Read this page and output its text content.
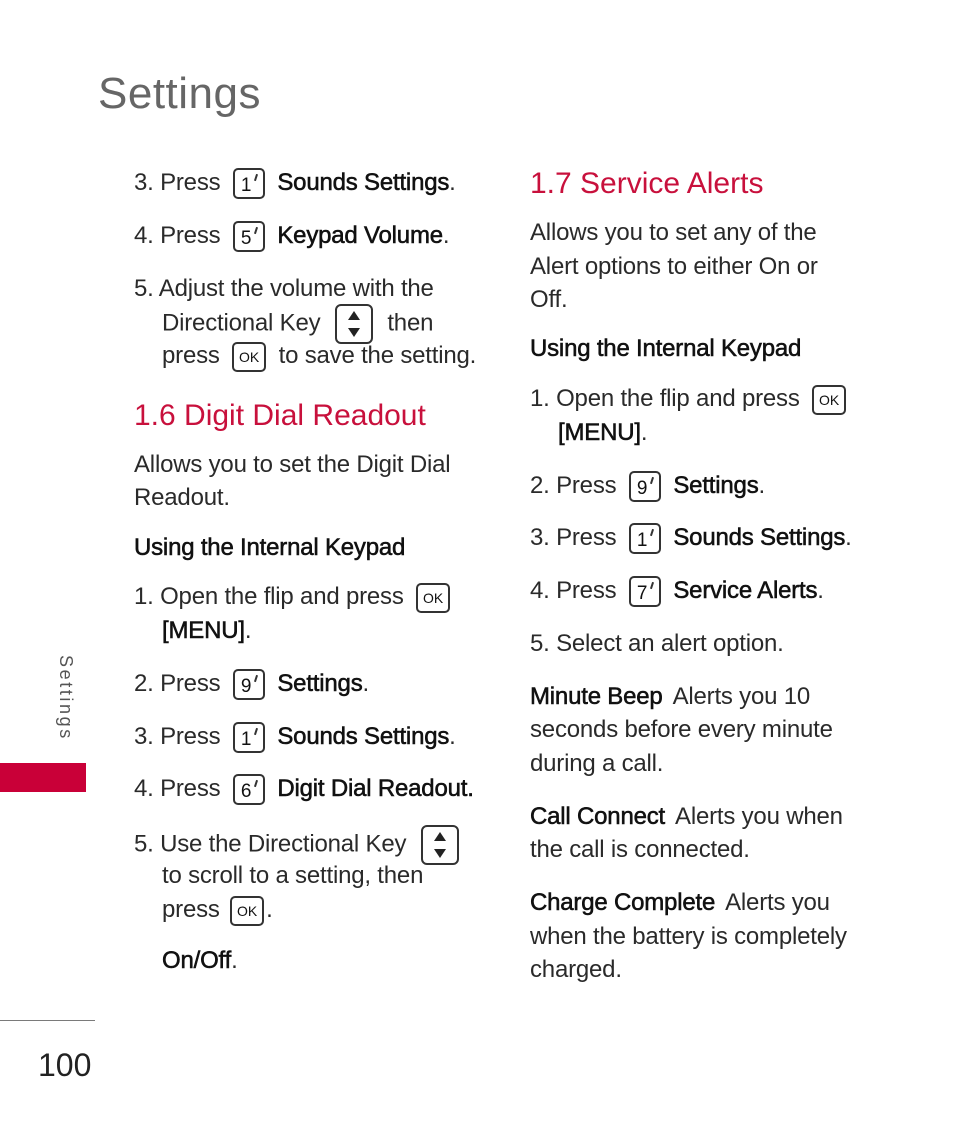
Settings
Settings
100
3. Press 1 Sounds Settings.
4. Press 5 Keypad Volume.
5. Adjust the volume with the
Directional Key	then
press OK to save the setting.
1.6 Digit Dial Readout
Allows you to set the Digit Dial
Readout.
Using the Internal Keypad
1. Open the flip and press OK
[MENU].
2. Press 9 Settings.
3. Press 1 Sounds Settings.
4. Press 6 Digit Dial Readout.
5. Use the Directional Key
to scroll to a setting, then
press OK .
On/Off.
1.7 Service Alerts
Allows you to set any of the
Alert options to either On or
Off.
Using the Internal Keypad
1. Open the flip and press OK
[MENU].
2. Press 9 Settings.
3. Press 1 Sounds Settings.
4. Press 7 Service Alerts.
5. Select an alert option.
Minute Beep Alerts you 10
seconds before every minute
during a call.
Call Connect Alerts you when
the call is connected.
Charge Complete Alerts you
when the battery is completely
charged.
